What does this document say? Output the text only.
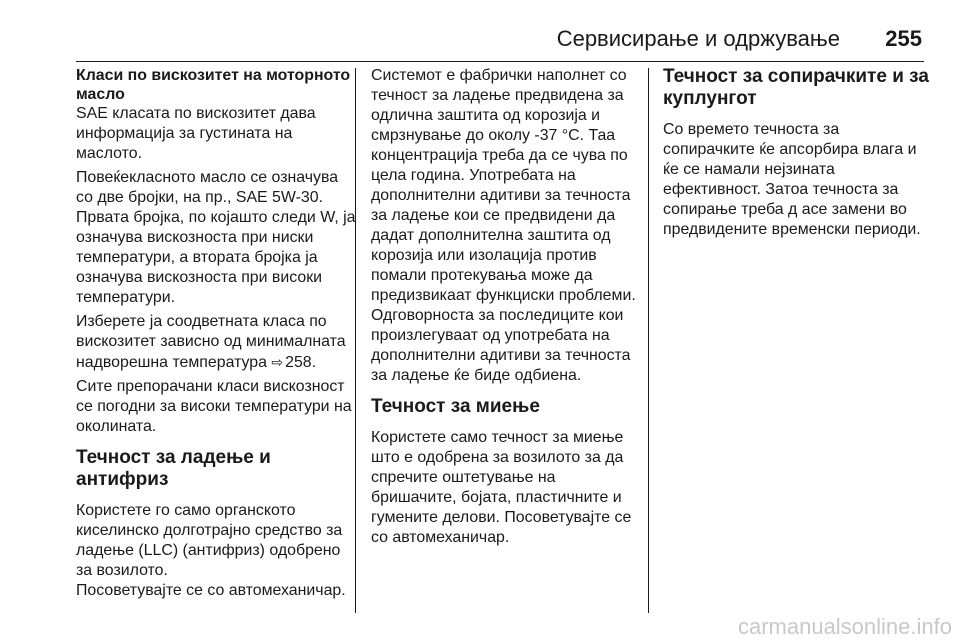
Сервисирање и одржување 255
Класи по вискозитет на моторното масло

SAE класата по вискозитет дава информација за густината на маслото.

Повеќекласното масло се означува со две бројки, на пр., SAE 5W-30. Првата бројка, по којашто следи W, ја означува вискозноста при ниски температури, а втората бројка ја означува вискозноста при високи температури.

Изберете ја соодветната класа по вискозитет зависно од минималната надворешна температура ⇨ 258.

Сите препорачани класи вискозност се погодни за високи температури на околината.

Течност за ладење и антифриз

Користете го само органското киселинско долготрајно средство за ладење (LLC) (антифриз) одобрено за возилото.

Посоветувајте се со автомеханичар.

Системот е фабрички наполнет со течност за ладење предвидена за одлична заштита од корозија и смрзнување до околу -37 °C. Таа концентрација треба да се чува по цела година. Употребата на дополнителни адитиви за течноста за ладење кои се предвидени да дадат дополнителна заштита од корозија или изолација против помали протекувања може да предизвикаат функциски проблеми. Одговорноста за последиците кои произлегуваат од употребата на дополнителни адитиви за течноста за ладење ќе биде одбиена.

Течност за миење

Користете само течност за миење што е одобрена за возилото за да спречите оштетување на бришачите, бојата, пластичните и гумените делови. Посоветувајте се со автомеханичар.

Течност за сопирачките и за куплунгот

Со времето течноста за сопирачките ќе апсорбира влага и ќе се намали нејзината ефективност. Затоа течноста за сопирање треба д асе замени во предвидените временски периоди.

carmanualsonline.info
